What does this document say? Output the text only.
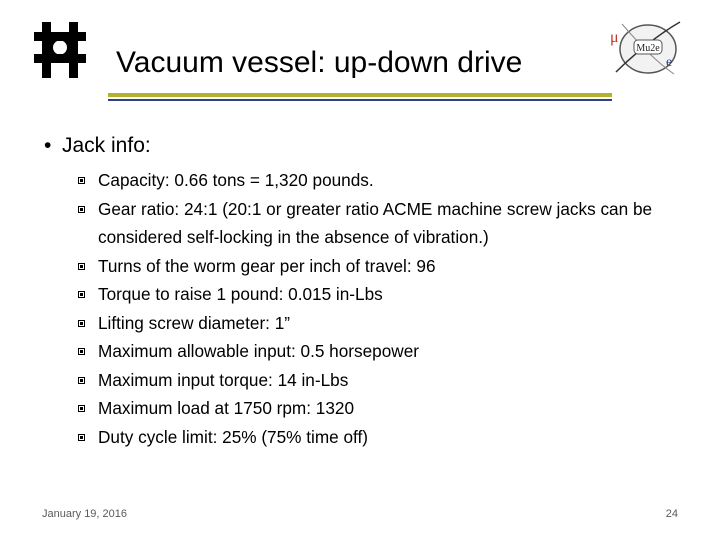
Vacuum vessel: up-down drive	Mu2e
μ
e
• Jack info:
Capacity: 0.66 tons = 1,320 pounds.
Gear ratio: 24:1 (20:1 or greater ratio ACME machine screw jacks can be considered self-locking in the absence of vibration.)
Turns of the worm gear per inch of travel: 96
Torque to raise 1 pound: 0.015 in-Lbs
Lifting screw diameter: 1”
Maximum allowable input: 0.5 horsepower
Maximum input torque: 14 in-Lbs
Maximum load at 1750 rpm: 1320
Duty cycle limit: 25% (75% time off)
January 19, 2016	24
